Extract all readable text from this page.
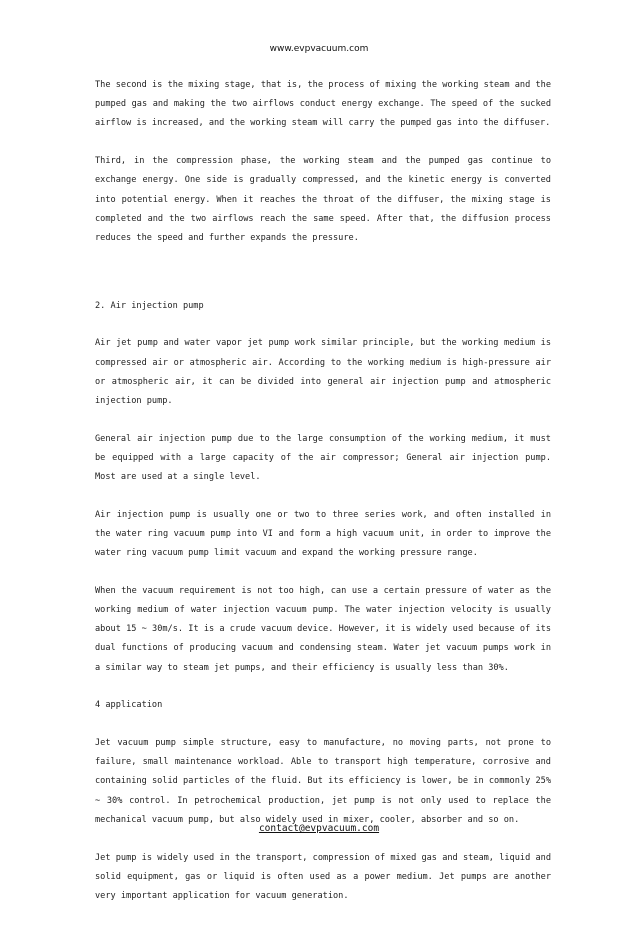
www.evpvacuum.com

The second is the mixing stage, that is, the process of mixing the working steam and the pumped gas and making the two airflows conduct energy exchange. The speed of the sucked airflow is increased, and the working steam will carry the pumped gas into the diffuser.

Third, in the compression phase, the working steam and the pumped gas continue to exchange energy. One side is gradually compressed, and the kinetic energy is converted into potential energy. When it reaches the throat of the diffuser, the mixing stage is completed and the two airflows reach the same speed. After that, the diffusion process reduces the speed and further expands the pressure.

2. Air injection pump

Air jet pump and water vapor jet pump work similar principle, but the working medium is compressed air or atmospheric air. According to the working medium is high-pressure air or atmospheric air, it can be divided into general air injection pump and atmospheric injection pump.

General air injection pump due to the large consumption of the working medium, it must be equipped with a large capacity of the air compressor; General air injection pump. Most are used at a single level.

Air injection pump is usually one or two to three series work, and often installed in the water ring vacuum pump into VI and form a high vacuum unit, in order to improve the water ring vacuum pump limit vacuum and expand the working pressure range.

When the vacuum requirement is not too high, can use a certain pressure of water as the working medium of water injection vacuum pump. The water injection velocity is usually about 15 ~ 30m/s. It is a crude vacuum device. However, it is widely used because of its dual functions of producing vacuum and condensing steam. Water jet vacuum pumps work in a similar way to steam jet pumps, and their efficiency is usually less than 30%.

4 application

Jet vacuum pump simple structure, easy to manufacture, no moving parts, not prone to failure, small maintenance workload. Able to transport high temperature, corrosive and containing solid particles of the fluid. But its efficiency is lower, be in commonly 25% ~ 30% control. In petrochemical production, jet pump is not only used to replace the mechanical vacuum pump, but also widely used in mixer, cooler, absorber and so on.

Jet pump is widely used in the transport, compression of mixed gas and steam, liquid and solid equipment, gas or liquid is often used as a power medium. Jet pumps are another very important application for vacuum generation.

contact@evpvacuum.com
